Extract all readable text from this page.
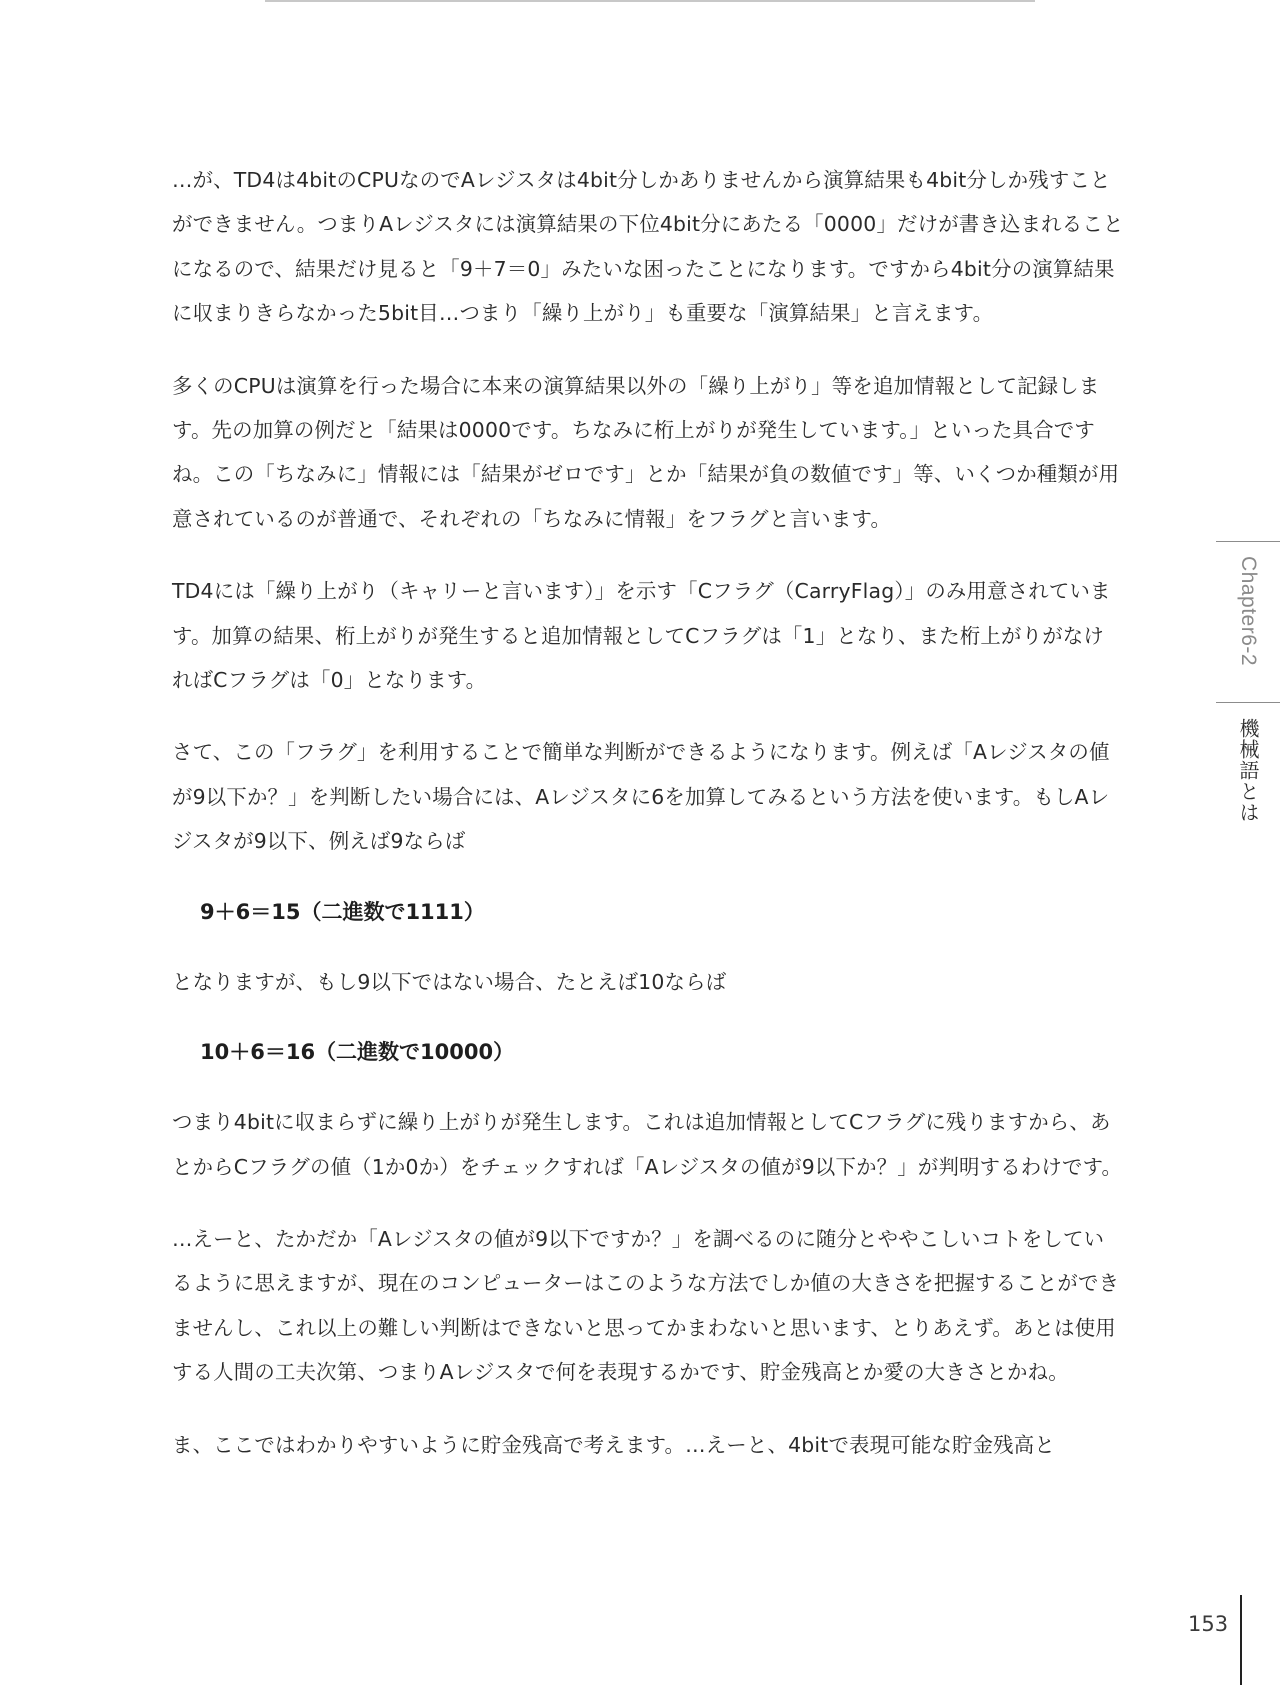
…が、TD4は4bitのCPUなのでAレジスタは4bit分しかありませんから演算結果も4bit分しか残すことができません。つまりAレジスタには演算結果の下位4bit分にあたる「0000」だけが書き込まれることになるので、結果だけ見ると「9＋7＝0」みたいな困ったことになります。ですから4bit分の演算結果に収まりきらなかった5bit目…つまり「繰り上がり」も重要な「演算結果」と言えます。

多くのCPUは演算を行った場合に本来の演算結果以外の「繰り上がり」等を追加情報として記録します。先の加算の例だと「結果は0000です。ちなみに桁上がりが発生しています。」といった具合ですね。この「ちなみに」情報には「結果がゼロです」とか「結果が負の数値です」等、いくつか種類が用意されているのが普通で、それぞれの「ちなみに情報」をフラグと言います。

TD4には「繰り上がり（キャリーと言います）」を示す「Cフラグ（CarryFlag）」のみ用意されています。加算の結果、桁上がりが発生すると追加情報としてCフラグは「1」となり、また桁上がりがなければCフラグは「0」となります。

さて、この「フラグ」を利用することで簡単な判断ができるようになります。例えば「Aレジスタの値が9以下か？」を判断したい場合には、Aレジスタに6を加算してみるという方法を使います。もしAレジスタが9以下、例えば9ならば

9＋6＝15（二進数で1111）

となりますが、もし9以下ではない場合、たとえば10ならば

10＋6＝16（二進数で10000）

つまり4bitに収まらずに繰り上がりが発生します。これは追加情報としてCフラグに残りますから、あとからCフラグの値（1か0か）をチェックすれば「Aレジスタの値が9以下か？」が判明するわけです。

…えーと、たかだか「Aレジスタの値が9以下ですか？」を調べるのに随分とややこしいコトをしているように思えますが、現在のコンピューターはこのような方法でしか値の大きさを把握することができませんし、これ以上の難しい判断はできないと思ってかまわないと思います、とりあえず。あとは使用する人間の工夫次第、つまりAレジスタで何を表現するかです、貯金残高とか愛の大きさとかね。

ま、ここではわかりやすいように貯金残高で考えます。…えーと、4bitで表現可能な貯金残高と

Chapter6-2
機械語とは
153
